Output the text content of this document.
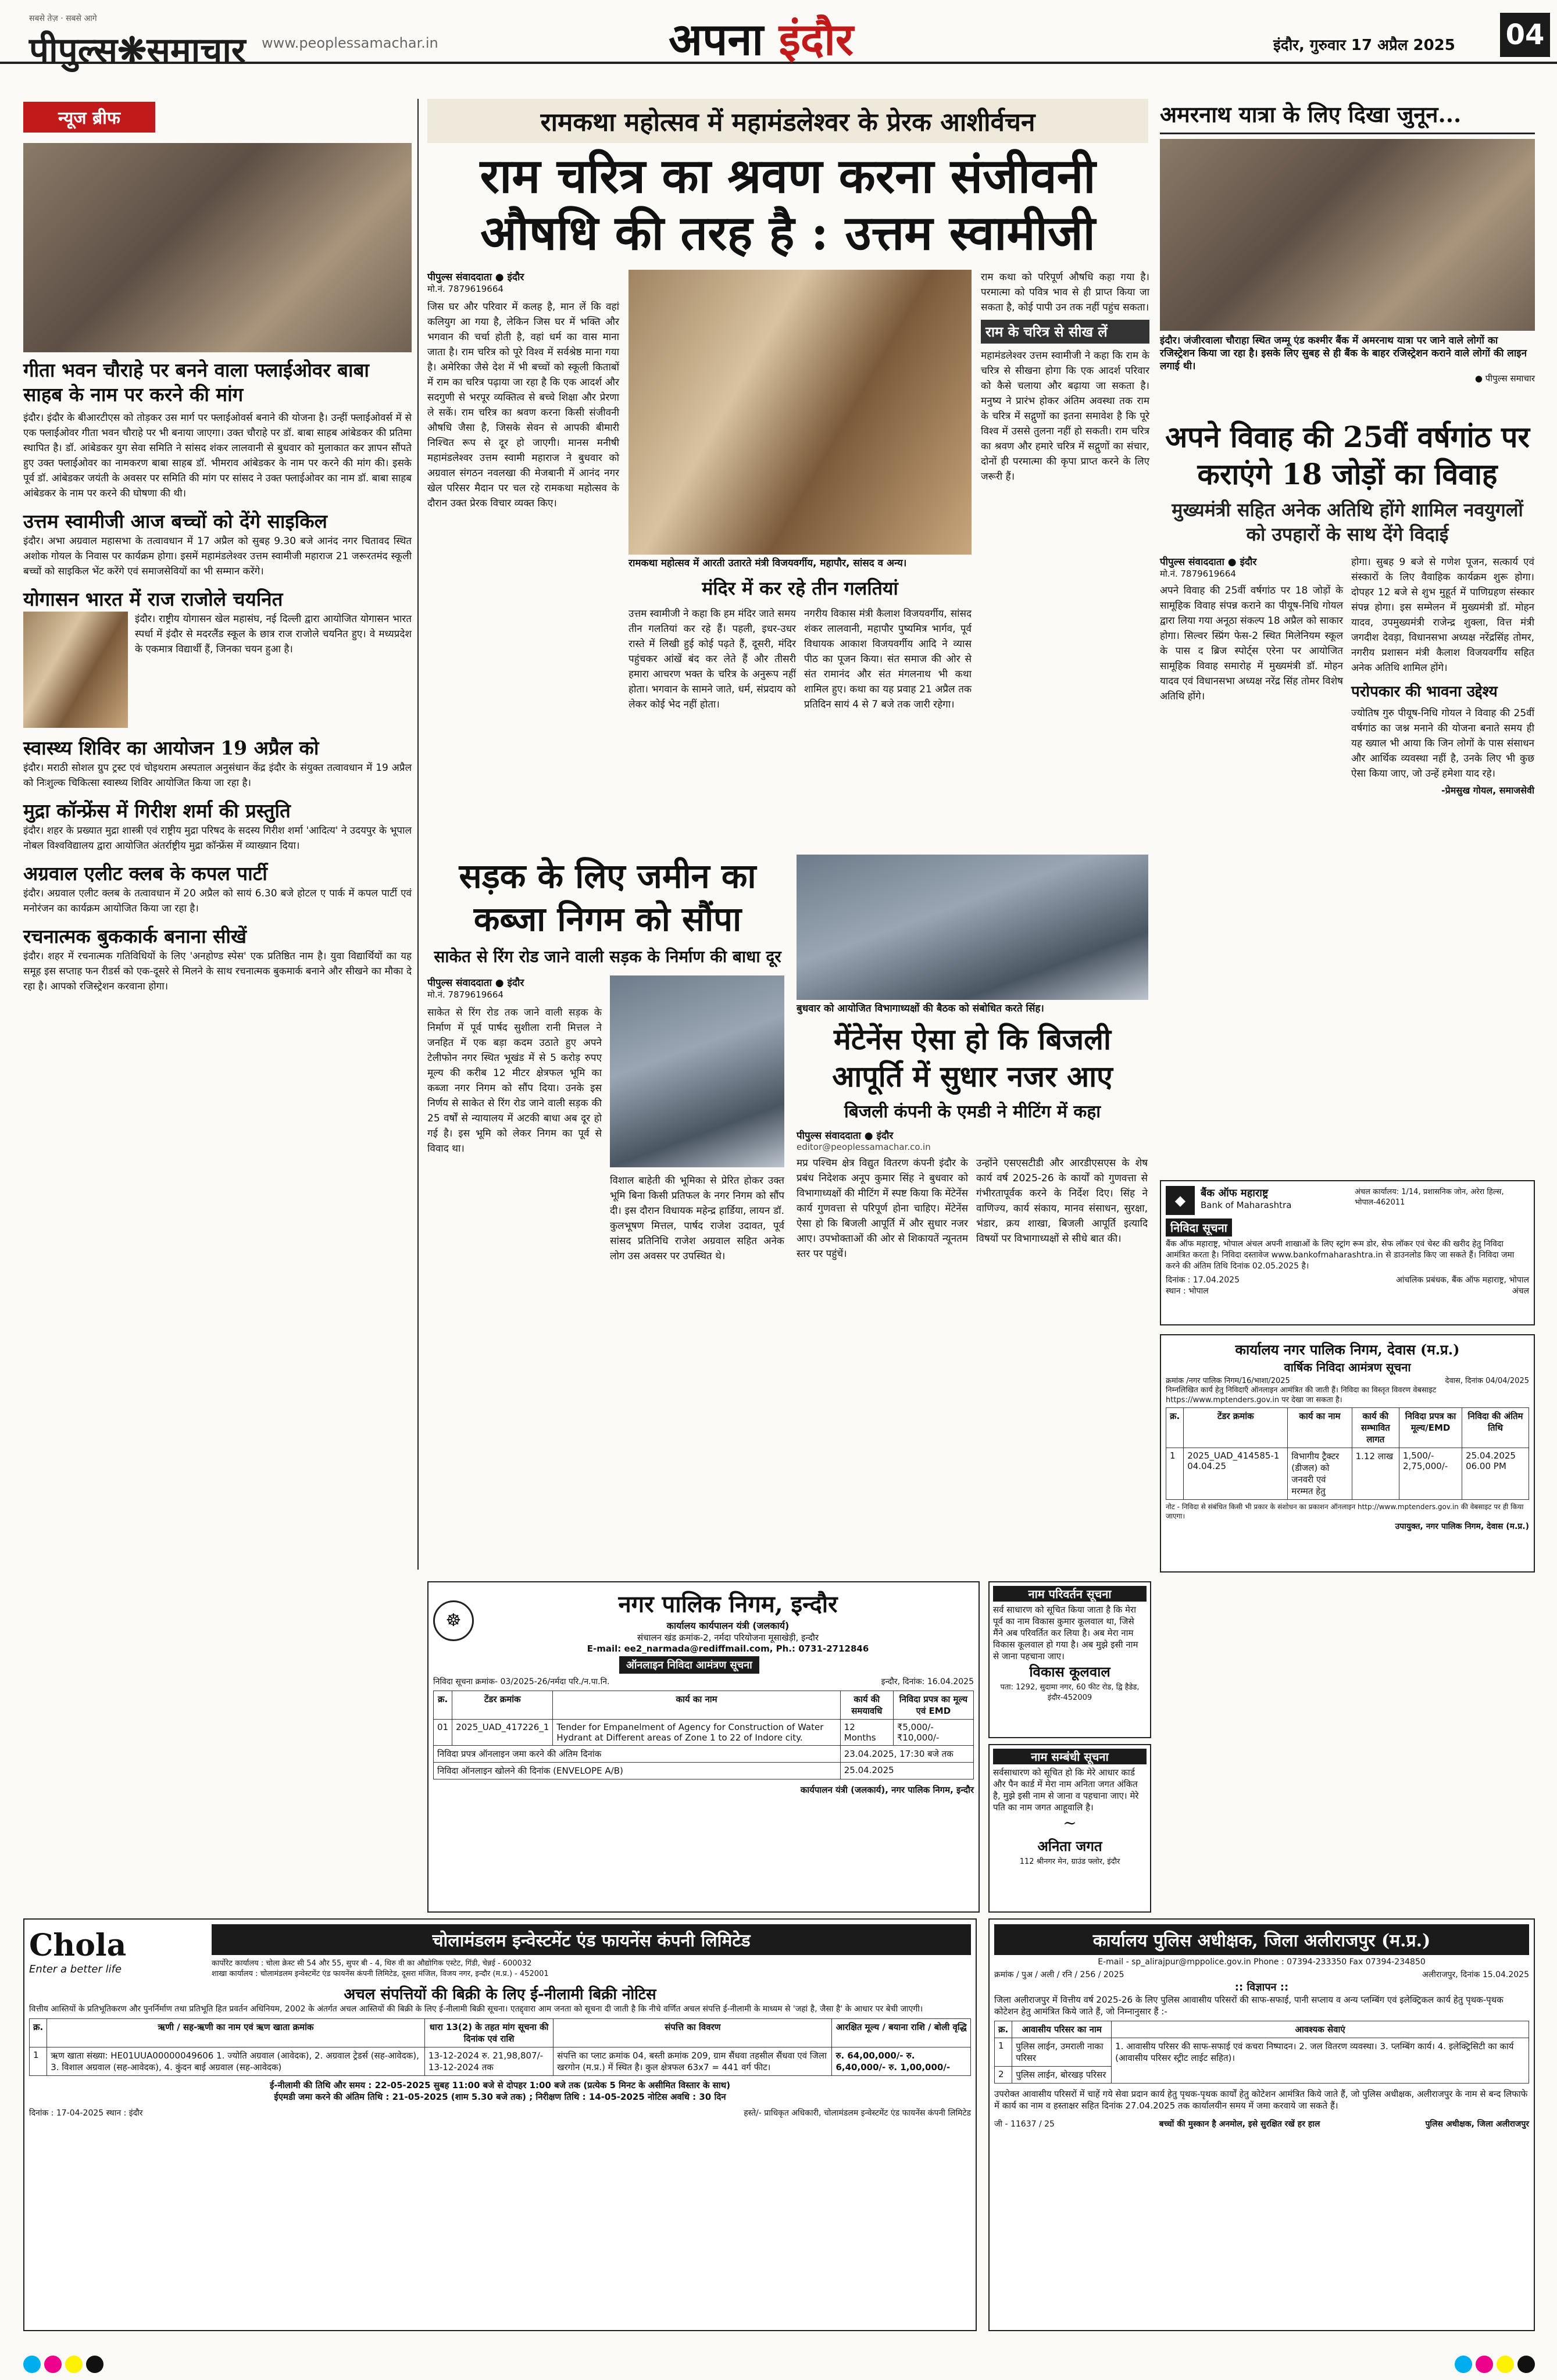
सबसे तेज़ · सबसे आगे
पीपुल्स❋समाचार www.peoplessamachar.in	अपना इंदौर	इंदौर, गुरुवार 17 अप्रैल 2025 04
न्यूज ब्रीफ
गीता भवन चौराहे पर बनने वाला फ्लाईओवर बाबा साहब के नाम पर करने की मांग
इंदौर। इंदौर के बीआरटीएस को तोड़कर उस मार्ग पर फ्लाईओवर्स बनाने की योजना है। उन्हीं फ्लाईओवर्स में से एक फ्लाईओवर गीता भवन चौराहे पर भी बनाया जाएगा। उक्त चौराहे पर डॉ. बाबा साहब आंबेडकर की प्रतिमा स्थापित है। डॉ. आंबेडकर युग सेवा समिति ने सांसद शंकर लालवानी से बुधवार को मुलाकात कर ज्ञापन सौंपते हुए उक्त फ्लाईओवर का नामकरण बाबा साहब डॉ. भीमराव आंबेडकर के नाम पर करने की मांग की। इसके पूर्व डॉ. आंबेडकर जयंती के अवसर पर समिति की मांग पर सांसद ने उक्त फ्लाईओवर का नाम डॉ. बाबा साहब आंबेडकर के नाम पर करने की घोषणा की थी।
उत्तम स्वामीजी आज बच्चों को देंगे साइकिल
इंदौर। अभा अग्रवाल महासभा के तत्वावधान में 17 अप्रैल को सुबह 9.30 बजे आनंद नगर चितावद स्थित अशोक गोयल के निवास पर कार्यक्रम होगा। इसमें महामंडलेश्वर उत्तम स्वामीजी महाराज 21 जरूरतमंद स्कूली बच्चों को साइकिल भेंट करेंगे एवं समाजसेवियों का भी सम्मान करेंगे।
योगासन भारत में राज राजोले चयनित
इंदौर। राष्ट्रीय योगासन खेल महासंघ, नई दिल्ली द्वारा आयोजित योगासन भारत स्पर्धा में इंदौर से मदरलैंड स्कूल के छात्र राज राजोले चयनित हुए। वे मध्यप्रदेश के एकमात्र विद्यार्थी हैं, जिनका चयन हुआ है।
स्वास्थ्य शिविर का आयोजन 19 अप्रैल को
इंदौर। मराठी सोशल ग्रुप ट्रस्ट एवं चोइथराम अस्पताल अनुसंधान केंद्र इंदौर के संयुक्त तत्वावधान में 19 अप्रैल को निःशुल्क चिकित्सा स्वास्थ्य शिविर आयोजित किया जा रहा है।
मुद्रा कॉन्फ्रेंस में गिरीश शर्मा की प्रस्तुति
इंदौर। शहर के प्रख्यात मुद्रा शास्त्री एवं राष्ट्रीय मुद्रा परिषद के सदस्य गिरीश शर्मा 'आदित्य' ने उदयपुर के भूपाल नोबल विश्वविद्यालय द्वारा आयोजित अंतर्राष्ट्रीय मुद्रा कॉन्फ्रेंस में व्याख्यान दिया।
अग्रवाल एलीट क्लब के कपल पार्टी
इंदौर। अग्रवाल एलीट क्लब के तत्वावधान में 20 अप्रैल को सायं 6.30 बजे होटल ए पार्क में कपल पार्टी एवं मनोरंजन का कार्यक्रम आयोजित किया जा रहा है।
रचनात्मक बुककार्क बनाना सीखें
इंदौर। शहर में रचनात्मक गतिविधियों के लिए 'अनहोण्ड स्पेस' एक प्रतिष्ठित नाम है। युवा विद्यार्थियों का यह समूह इस सप्ताह फन रीडर्स को एक-दूसरे से मिलने के साथ रचनात्मक बुकमार्क बनाने और सीखने का मौका दे रहा है। आपको रजिस्ट्रेशन करवाना होगा।
रामकथा महोत्सव में महामंडलेश्वर के प्रेरक आशीर्वचन
राम चरित्र का श्रवण करना संजीवनी औषधि की तरह है : उत्तम स्वामीजी
पीपुल्स संवाददाता ● इंदौर
मो.नं. 7879619664
जिस घर और परिवार में कलह है, मान लें कि वहां कलियुग आ गया है, लेकिन जिस घर में भक्ति और भगवान की चर्चा होती है, वहां धर्म का वास माना जाता है। राम चरित्र को पूरे विश्व में सर्वश्रेष्ठ माना गया है। अमेरिका जैसे देश में भी बच्चों को स्कूली किताबों में राम का चरित्र पढ़ाया जा रहा है कि एक आदर्श और सदगुणी से भरपूर व्यक्तित्व से बच्चे शिक्षा और प्रेरणा ले सकें। राम चरित्र का श्रवण करना किसी संजीवनी औषधि जैसा है, जिसके सेवन से आपकी बीमारी निश्चित रूप से दूर हो जाएगी। मानस मनीषी महामंडलेश्वर उत्तम स्वामी महाराज ने बुधवार को अग्रवाल संगठन नवलखा की मेजबानी में आनंद नगर खेल परिसर मैदान पर चल रहे रामकथा महोत्सव के दौरान उक्त प्रेरक विचार व्यक्त किए।
रामकथा महोत्सव में आरती उतारते मंत्री विजयवर्गीय, महापौर, सांसद व अन्य।
मंदिर में कर रहे तीन गलतियां
उत्तम स्वामीजी ने कहा कि हम मंदिर जाते समय तीन गलतियां कर रहे हैं। पहली, इधर-उधर रास्ते में लिखी हुई कोई पढ़ते हैं, दूसरी, मंदिर पहुंचकर आंखें बंद कर लेते हैं और तीसरी हमारा आचरण भक्त के चरित्र के अनुरूप नहीं होता। भगवान के सामने जाते, धर्म, संप्रदाय को लेकर कोई भेद नहीं होता।
नगरीय विकास मंत्री कैलाश विजयवर्गीय, सांसद शंकर लालवानी, महापौर पुष्यमित्र भार्गव, पूर्व विधायक आकाश विजयवर्गीय आदि ने व्यास पीठ का पूजन किया। संत समाज की ओर से संत रामानंद और संत मंगलनाथ भी कथा शामिल हुए। कथा का यह प्रवाह 21 अप्रैल तक प्रतिदिन सायं 4 से 7 बजे तक जारी रहेगा।
राम कथा को परिपूर्ण औषधि कहा गया है। परमात्मा को पवित्र भाव से ही प्राप्त किया जा सकता है, कोई पापी उन तक नहीं पहुंच सकता।
राम के चरित्र से सीख लें
महामंडलेश्वर उत्तम स्वामीजी ने कहा कि राम के चरित्र से सीखना होगा कि एक आदर्श परिवार को कैसे चलाया और बढ़ाया जा सकता है। मनुष्य ने प्रारंभ होकर अंतिम अवस्था तक राम के चरित्र में सद्गुणों का इतना समावेश है कि पूरे विश्व में उससे तुलना नहीं हो सकती। राम चरित्र का श्रवण और हमारे चरित्र में सद्गुणों का संचार, दोनों ही परमात्मा की कृपा प्राप्त करने के लिए जरूरी हैं।
सड़क के लिए जमीन का कब्जा निगम को सौंपा
साकेत से रिंग रोड जाने वाली सड़क के निर्माण की बाधा दूर
पीपुल्स संवाददाता ● इंदौर
मो.नं. 7879619664
साकेत से रिंग रोड तक जाने वाली सड़क के निर्माण में पूर्व पार्षद सुशीला रानी मित्तल ने जनहित में एक बड़ा कदम उठाते हुए अपने टेलीफोन नगर स्थित भूखंड में से 5 करोड़ रुपए मूल्य की करीब 12 मीटर क्षेत्रफल भूमि का कब्जा नगर निगम को सौंप दिया। उनके इस निर्णय से साकेत से रिंग रोड जाने वाली सड़क की 25 वर्षों से न्यायालय में अटकी बाधा अब दूर हो गई है। इस भूमि को लेकर निगम का पूर्व से विवाद था।
विशाल बाहेती की भूमिका से प्रेरित होकर उक्त भूमि बिना किसी प्रतिफल के नगर निगम को सौंप दी। इस दौरान विधायक महेन्द्र हार्डिया, लायन डॉ. कुलभूषण मित्तल, पार्षद राजेश उदावत, पूर्व सांसद प्रतिनिधि राजेश अग्रवाल सहित अनेक लोग उस अवसर पर उपस्थित थे।
बुधवार को आयोजित विभागाध्यक्षों की बैठक को संबोधित करते सिंह।
मेंटेनेंस ऐसा हो कि बिजली आपूर्ति में सुधार नजर आए
बिजली कंपनी के एमडी ने मीटिंग में कहा
पीपुल्स संवाददाता ● इंदौर
editor@peoplessamachar.co.in
मप्र पश्चिम क्षेत्र विद्युत वितरण कंपनी इंदौर के प्रबंध निदेशक अनूप कुमार सिंह ने बुधवार को विभागाध्यक्षों की मीटिंग में स्पष्ट किया कि मेंटेनेंस कार्य गुणवत्ता से परिपूर्ण होना चाहिए। मेंटेनेंस ऐसा हो कि बिजली आपूर्ति में और सुधार नजर आए। उपभोक्ताओं की ओर से शिकायतें न्यूनतम स्तर पर पहुंचें।
उन्होंने एसएसटीडी और आरडीएसएस के शेष कार्य वर्ष 2025-26 के कार्यों को गुणवत्ता से गंभीरतापूर्वक करने के निर्देश दिए। सिंह ने वाणिज्य, कार्य संकाय, मानव संसाधन, सुरक्षा, भंडार, क्रय शाखा, बिजली आपूर्ति इत्यादि विषयों पर विभागाध्यक्षों से सीधे बात की।
अमरनाथ यात्रा के लिए दिखा जुनून...
इंदौर। जंजीरवाला चौराहा स्थित जम्मू एंड कश्मीर बैंक में अमरनाथ यात्रा पर जाने वाले लोगों का रजिस्ट्रेशन किया जा रहा है। इसके लिए सुबह से ही बैंक के बाहर रजिस्ट्रेशन कराने वाले लोगों की लाइन लगाई थी।
● पीपुल्स समाचार
अपने विवाह की 25वीं वर्षगांठ पर कराएंगे 18 जोड़ों का विवाह
मुख्यमंत्री सहित अनेक अतिथि होंगे शामिल नवयुगलों को उपहारों के साथ देंगे विदाई
पीपुल्स संवाददाता ● इंदौर
मो.नं. 7879619664
अपने विवाह की 25वीं वर्षगांठ पर 18 जोड़ों के सामूहिक विवाह संपन्न कराने का पीयूष-निधि गोयल द्वारा लिया गया अनूठा संकल्प 18 अप्रैल को साकार होगा। सिल्वर स्प्रिंग फेस-2 स्थित मिलेनियम स्कूल के पास द ब्रिज स्पोर्ट्स एरेना पर आयोजित सामूहिक विवाह समारोह में मुख्यमंत्री डॉ. मोहन यादव एवं विधानसभा अध्यक्ष नरेंद्र सिंह तोमर विशेष अतिथि होंगे।
होगा। सुबह 9 बजे से गणेश पूजन, सत्कार्य एवं संस्कारों के लिए वैवाहिक कार्यक्रम शुरू होगा। दोपहर 12 बजे से शुभ मुहूर्त में पाणिग्रहण संस्कार संपन्न होगा। इस सम्मेलन में मुख्यमंत्री डॉ. मोहन यादव, उपमुख्यमंत्री राजेन्द्र शुक्ला, वित्त मंत्री जगदीश देवड़ा, विधानसभा अध्यक्ष नरेंद्रसिंह तोमर, नगरीय प्रशासन मंत्री कैलाश विजयवर्गीय सहित अनेक अतिथि शामिल होंगे।
परोपकार की भावना उद्देश्य
ज्योतिष गुरु पीयूष-निधि गोयल ने विवाह की 25वीं वर्षगांठ का जश्न मनाने की योजना बनाते समय ही यह ख्याल भी आया कि जिन लोगों के पास संसाधन और आर्थिक व्यवस्था नहीं है, उनके लिए भी कुछ ऐसा किया जाए, जो उन्हें हमेशा याद रहे।
-प्रेमसुख गोयल, समाजसेवी
◆	बैंक ऑफ महाराष्ट्र
Bank of Maharashtra
अंचल कार्यालय: 1/14, प्रशासनिक जोन, अरेरा हिल्स, भोपाल-462011
निविदा सूचना
बैंक ऑफ महाराष्ट्र, भोपाल अंचल अपनी शाखाओं के लिए स्ट्रांग रूम डोर, सेफ लॉकर एवं चेस्ट की खरीद हेतु निविदा आमंत्रित करता है। निविदा दस्तावेज www.bankofmaharashtra.in से डाउनलोड किए जा सकते हैं। निविदा जमा करने की अंतिम तिथि दिनांक 02.05.2025 है।
दिनांक : 17.04.2025
स्थान : भोपाल
आंचलिक प्रबंधक, बैंक ऑफ महाराष्ट्र, भोपाल अंचल
कार्यालय नगर पालिक निगम, देवास (म.प्र.)
वार्षिक निविदा आमंत्रण सूचना
क्रमांक /नगर पालिक निगम/16/भाशा/2025	देवास, दिनांक 04/04/2025
निम्नलिखित कार्य हेतु निविदाएँ ऑनलाइन आमंत्रित की जाती हैं। निविदा का विस्तृत विवरण वेबसाइट https://www.mptenders.gov.in पर देखा जा सकता है।
क्र.	टेंडर क्रमांक	कार्य का नाम	कार्य की सम्भावित लागत	निविदा प्रपत्र का मूल्य/EMD	निविदा की अंतिम तिथि
1	2025_UAD_414585-1 04.04.25	विभागीय ट्रैक्टर (डीजल) को जनवरी एवं मरम्मत हेतु	1.12 लाख	1,500/- 2,75,000/-	25.04.2025 06.00 PM
नोट - निविदा से संबंधित किसी भी प्रकार के संशोधन का प्रकाशन ऑनलाइन http://www.mptenders.gov.in की वेबसाइट पर ही किया जाएगा।
उपायुक्त, नगर पालिक निगम, देवास (म.प्र.)
नाम परिवर्तन सूचना
सर्व साधारण को सूचित किया जाता है कि मेरा पूर्व का नाम विकास कुमार कूलवाल था, जिसे मैंने अब परिवर्तित कर लिया है। अब मेरा नाम विकास कूलवाल हो गया है। अब मुझे इसी नाम से जाना पहचाना जाए।
विकास कूलवाल
पता: 1292, सुदामा नगर, 60 फीट रोड, द्वि हैडेड, इंदौर-452009
नाम सम्बंधी सूचना
सर्वसाधारण को सूचित हो कि मेरे आधार कार्ड और पैन कार्ड में मेरा नाम अनिता जगत अंकित है, मुझे इसी नाम से जाना व पहचाना जाए। मेरे पति का नाम जगत आहूवालि है।
~
अनिता जगत
112 श्रीनगर मेन, ग्राउंड फ्लोर, इंदौर
☸
नगर पालिक निगम, इन्दौर
कार्यालय कार्यपालन यंत्री (जलकार्य)
संचालन खंड क्रमांक-2, नर्मदा परियोजना मूसाखेड़ी, इन्दौर
E-mail: ee2_narmada@rediffmail.com, Ph.: 0731-2712846
ऑनलाइन निविदा आमंत्रण सूचना
निविदा सूचना क्रमांक- 03/2025-26/नर्मदा परि./न.पा.नि.	इन्दौर, दिनांक: 16.04.2025
क्र.	टेंडर क्रमांक	कार्य का नाम	कार्य की समयावधि	निविदा प्रपत्र का मूल्य एवं EMD
01	2025_UAD_417226_1	Tender for Empanelment of Agency for Construction of Water Hydrant at Different areas of Zone 1 to 22 of Indore city.	12 Months	₹5,000/- ₹10,000/-
निविदा प्रपत्र ऑनलाइन जमा करने की अंतिम दिनांक			23.04.2025, 17:30 बजे तक	
निविदा ऑनलाइन खोलने की दिनांक (ENVELOPE A/B)			25.04.2025	
कार्यपालन यंत्री (जलकार्य), नगर पालिक निगम, इन्दौर
Chola
Enter a better life
चोलामंडलम इन्वेस्टमेंट एंड फायनेंस कंपनी लिमिटेड
कार्पोरेट कार्यालय : चोला क्रेस्ट सी 54 और 55, सुपर बी - 4, थिरु वी का औद्योगिक एस्टेट, गिंडी, चेन्नई - 600032
शाखा कार्यालय : चोलामंडलम इन्वेस्टमेंट एंड फायनेंस कंपनी लिमिटेड, दूसरा मंजिल, विजय नगर, इन्दौर (म.प्र.) - 452001
अचल संपत्तियों की बिक्री के लिए ई-नीलामी बिक्री नोटिस
वित्तीय आस्तियों के प्रतिभूतिकरण और पुनर्निर्माण तथा प्रतिभूति हित प्रवर्तन अधिनियम, 2002 के अंतर्गत अचल आस्तियों की बिक्री के लिए ई-नीलामी बिक्री सूचना। एतद्द्वारा आम जनता को सूचना दी जाती है कि नीचे वर्णित अचल संपत्ति ई-नीलामी के माध्यम से 'जहां है, जैसा है' के आधार पर बेची जाएगी।
क्र.	ऋणी / सह-ऋणी का नाम एवं ऋण खाता क्रमांक	धारा 13(2) के तहत मांग सूचना की दिनांक एवं राशि	संपत्ति का विवरण	आरक्षित मूल्य / बयाना राशि / बोली वृद्धि
1	ऋण खाता संख्या: HE01UUA00000049606 1. ज्योति अग्रवाल (आवेदक), 2. अग्रवाल ट्रेडर्स (सह-आवेदक), 3. विशाल अग्रवाल (सह-आवेदक), 4. कुंदन बाई अग्रवाल (सह-आवेदक)	13-12-2024 रु. 21,98,807/- 13-12-2024 तक	संपत्ति का प्लाट क्रमांक 04, बस्ती क्रमांक 209, ग्राम सैंधवा तहसील सैंधवा एवं जिला खरगोन (म.प्र.) में स्थित है। कुल क्षेत्रफल 63x7 = 441 वर्ग फीट।	रु. 64,00,000/- रु. 6,40,000/- रु. 1,00,000/-
ई-नीलामी की तिथि और समय : 22-05-2025 सुबह 11:00 बजे से दोपहर 1:00 बजे तक (प्रत्येक 5 मिनट के असीमित विस्तार के साथ)
ईएमडी जमा करने की अंतिम तिथि : 21-05-2025 (शाम 5.30 बजे तक) ; निरीक्षण तिथि : 14-05-2025 नोटिस अवधि : 30 दिन
दिनांक : 17-04-2025 स्थान : इंदौर	हस्ते/- प्राधिकृत अधिकारी, चोलामंडलम इन्वेस्टमेंट एंड फायनेंस कंपनी लिमिटेड
कार्यालय पुलिस अधीक्षक, जिला अलीराजपुर (म.प्र.)
E-mail - sp_alirajpur@mppolice.gov.in Phone : 07394-233350 Fax 07394-234850
क्रमांक / पुअ / अली / रनि / 256 / 2025	अलीराजपुर, दिनांक 15.04.2025
:: विज्ञापन ::
जिला अलीराजपुर में वित्तीय वर्ष 2025-26 के लिए पुलिस आवासीय परिसरों की साफ-सफाई, पानी सप्लाय व अन्य प्लम्बिंग एवं इलेक्ट्रिकल कार्य हेतु पृथक-पृथक कोटेशन हेतु आमंत्रित किये जाते हैं, जो निम्नानुसार हैं :-
क्र.	आवासीय परिसर का नाम	आवश्यक सेवाएं
1	पुलिस लाईन, उमराली नाका परिसर	1. आवासीय परिसर की साफ-सफाई एवं कचरा निष्पादन। 2. जल वितरण व्यवस्था। 3. प्लम्बिंग कार्य। 4. इलेक्ट्रिसिटी का कार्य (आवासीय परिसर स्ट्रीट लाईट सहित)।
2	पुलिस लाईन, बोरखड़ परिसर	
उपरोक्त आवासीय परिसरों में चाहें गये सेवा प्रदान कार्य हेतु पृथक-पृथक कार्यों हेतु कोटेशन आमंत्रित किये जाते हैं, जो पुलिस अधीक्षक, अलीराजपुर के नाम से बन्द लिफाफे में कार्य का नाम व हस्ताक्षर सहित दिनांक 27.04.2025 तक कार्यालयीन समय में जमा करवाये जा सकते हैं।
जी - 11637 / 25	बच्चों की मुस्कान है अनमोल, इसे सुरक्षित रखें हर हाल	पुलिस अधीक्षक, जिला अलीराजपुर
